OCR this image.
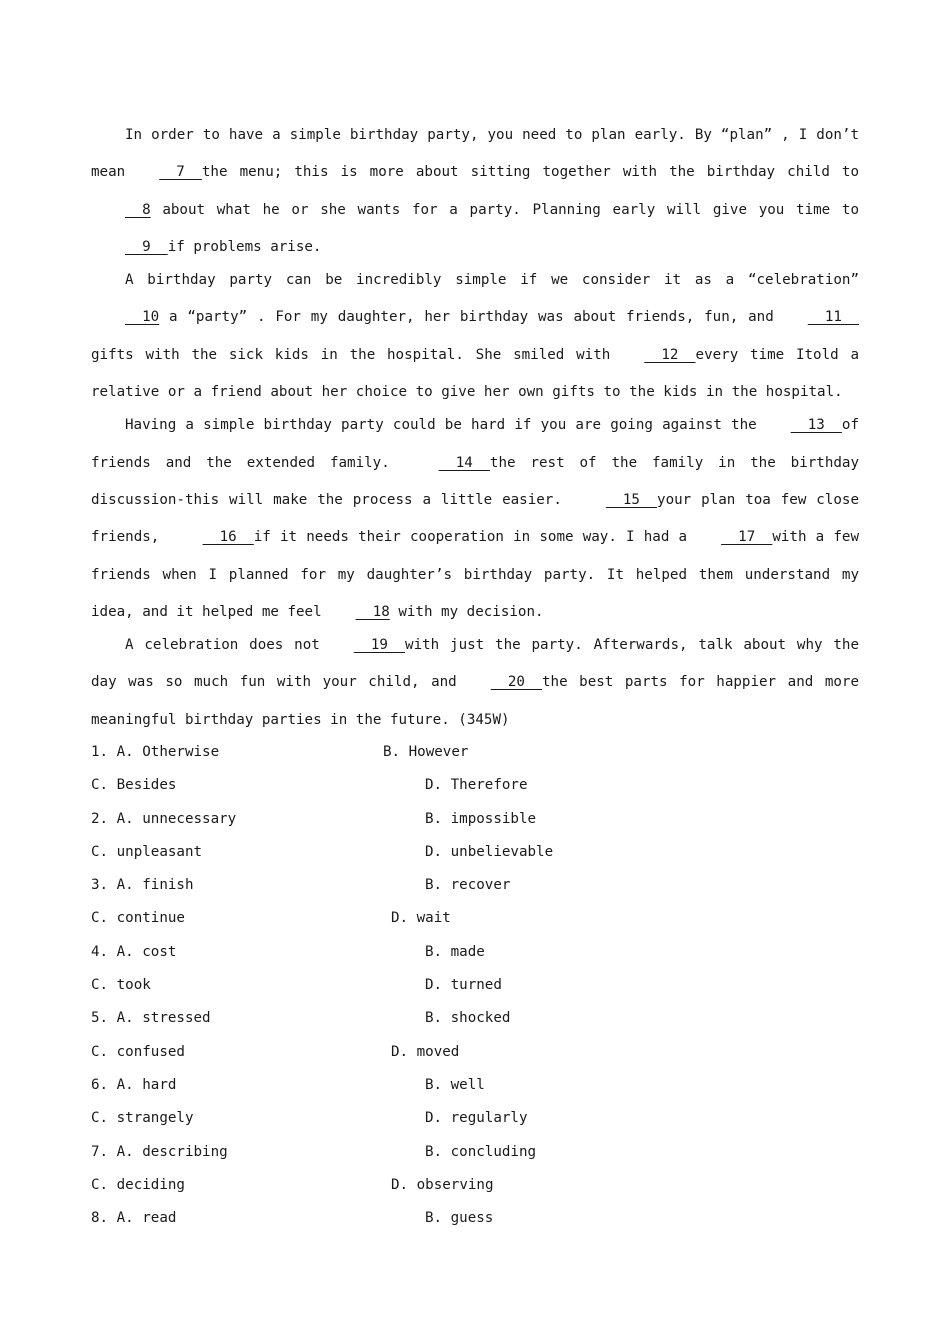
In order to have a simple birthday party, you need to plan early. By “plan” , I don’t mean  7  the menu; this is more about sitting together with the birthday child to  8 about what he or she wants for a party. Planning early will give you time to  9  if problems arise.

A birthday party can be incredibly simple if we consider it as a “celebration”   10 a “party” . For my daughter, her birthday was about friends, fun, and  11  gifts with the sick kids in the hospital. She smiled with  12  every time Itold a relative or a friend about her choice to give her own gifts to the kids in the hospital.

Having a simple birthday party could be hard if you are going against the  13  of friends and the extended family.	14  the rest of the family in the birthday discussion-this will make the process a little easier.	15  your plan toa few close friends,	16  if it needs their cooperation in some way. I had a  17  with a few friends when I planned for my daughter’s birthday party. It helped them understand my idea, and it helped me feel  18 with my decision.

A celebration does not  19  with just the party. Afterwards, talk about why the day was so much fun with your child, and  20  the best parts for happier and more meaningful birthday parties in the future. (345W)

1. A. Otherwise	B. However
C. Besides	D. Therefore
2. A. unnecessary	B. impossible
C. unpleasant	D. unbelievable
3. A. finish	B. recover
C. continue	D. wait
4. A. cost	B. made
C. took	D. turned
5. A. stressed	B. shocked
C. confused	D. moved
6. A. hard	B. well
C. strangely	D. regularly
7. A. describing	B. concluding
C. deciding	D. observing
8. A. read	B. guess
